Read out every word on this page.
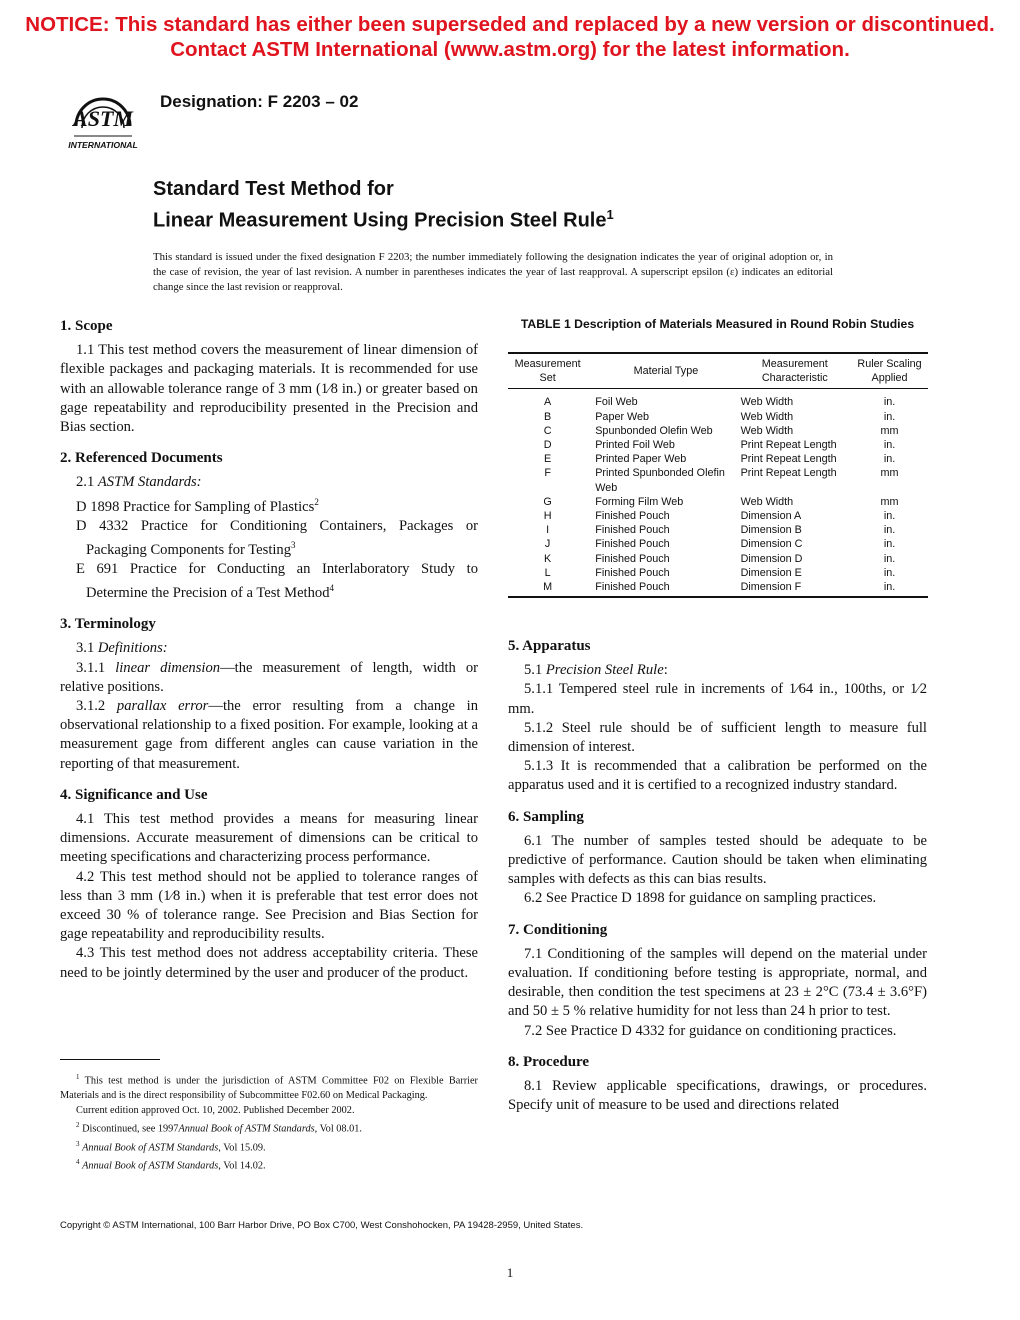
NOTICE: This standard has either been superseded and replaced by a new version or discontinued.
Contact ASTM International (www.astm.org) for the latest information.
ASTM
INTERNATIONAL
Designation: F 2203 – 02
Standard Test Method for
Linear Measurement Using Precision Steel Rule$^1$
This standard is issued under the fixed designation F 2203; the number immediately following the designation indicates the year of original adoption or, in the case of revision, the year of last revision. A number in parentheses indicates the year of last reapproval. A superscript epsilon (ε) indicates an editorial change since the last revision or reapproval.
1. Scope

1.1 This test method covers the measurement of linear dimension of flexible packages and packaging materials. It is recommended for use with an allowable tolerance range of 3 mm (1⁄8 in.) or greater based on gage repeatability and reproducibility presented in the Precision and Bias section.

2. Referenced Documents

2.1 ASTM Standards:

D 1898 Practice for Sampling of Plastics$^2$

D 4332 Practice for Conditioning Containers, Packages or Packaging Components for Testing$^3$

E 691 Practice for Conducting an Interlaboratory Study to Determine the Precision of a Test Method$^4$

3. Terminology

3.1 Definitions:

3.1.1 linear dimension—the measurement of length, width or relative positions.

3.1.2 parallax error—the error resulting from a change in observational relationship to a fixed position. For example, looking at a measurement gage from different angles can cause variation in the reporting of that measurement.

4. Significance and Use

4.1 This test method provides a means for measuring linear dimensions. Accurate measurement of dimensions can be critical to meeting specifications and characterizing process performance.

4.2 This test method should not be applied to tolerance ranges of less than 3 mm (1⁄8 in.) when it is preferable that test error does not exceed 30 % of tolerance range. See Precision and Bias Section for gage repeatability and reproducibility results.

4.3 This test method does not address acceptability criteria. These need to be jointly determined by the user and producer of the product.

$^1$ This test method is under the jurisdiction of ASTM Committee F02 on Flexible Barrier Materials and is the direct responsibility of Subcommittee F02.60 on Medical Packaging.

Current edition approved Oct. 10, 2002. Published December 2002.

$^2$ Discontinued, see 1997Annual Book of ASTM Standards, Vol 08.01.

$^3$ Annual Book of ASTM Standards, Vol 15.09.

$^4$ Annual Book of ASTM Standards, Vol 14.02.

TABLE 1 Description of Materials Measured in Round Robin Studies
Measurement Set	Material Type	Measurement Characteristic	Ruler Scaling Applied
A	Foil Web	Web Width	in.
B	Paper Web	Web Width	in.
C	Spunbonded Olefin Web	Web Width	mm
D	Printed Foil Web	Print Repeat Length	in.
E	Printed Paper Web	Print Repeat Length	in.
F	Printed Spunbonded Olefin Web	Print Repeat Length	mm
G	Forming Film Web	Web Width	mm
H	Finished Pouch	Dimension A	in.
I	Finished Pouch	Dimension B	in.
J	Finished Pouch	Dimension C	in.
K	Finished Pouch	Dimension D	in.
L	Finished Pouch	Dimension E	in.
M	Finished Pouch	Dimension F	in.
5. Apparatus

5.1 Precision Steel Rule:

5.1.1 Tempered steel rule in increments of 1⁄64 in., 100ths, or 1⁄2 mm.

5.1.2 Steel rule should be of sufficient length to measure full dimension of interest.

5.1.3 It is recommended that a calibration be performed on the apparatus used and it is certified to a recognized industry standard.

6. Sampling

6.1 The number of samples tested should be adequate to be predictive of performance. Caution should be taken when eliminating samples with defects as this can bias results.

6.2 See Practice D 1898 for guidance on sampling practices.

7. Conditioning

7.1 Conditioning of the samples will depend on the material under evaluation. If conditioning before testing is appropriate, normal, and desirable, then condition the test specimens at 23 ± 2°C (73.4 ± 3.6°F) and 50 ± 5 % relative humidity for not less than 24 h prior to test.

7.2 See Practice D 4332 for guidance on conditioning practices.

8. Procedure

8.1 Review applicable specifications, drawings, or procedures. Specify unit of measure to be used and directions related

Copyright © ASTM International, 100 Barr Harbor Drive, PO Box C700, West Conshohocken, PA 19428-2959, United States.
1
